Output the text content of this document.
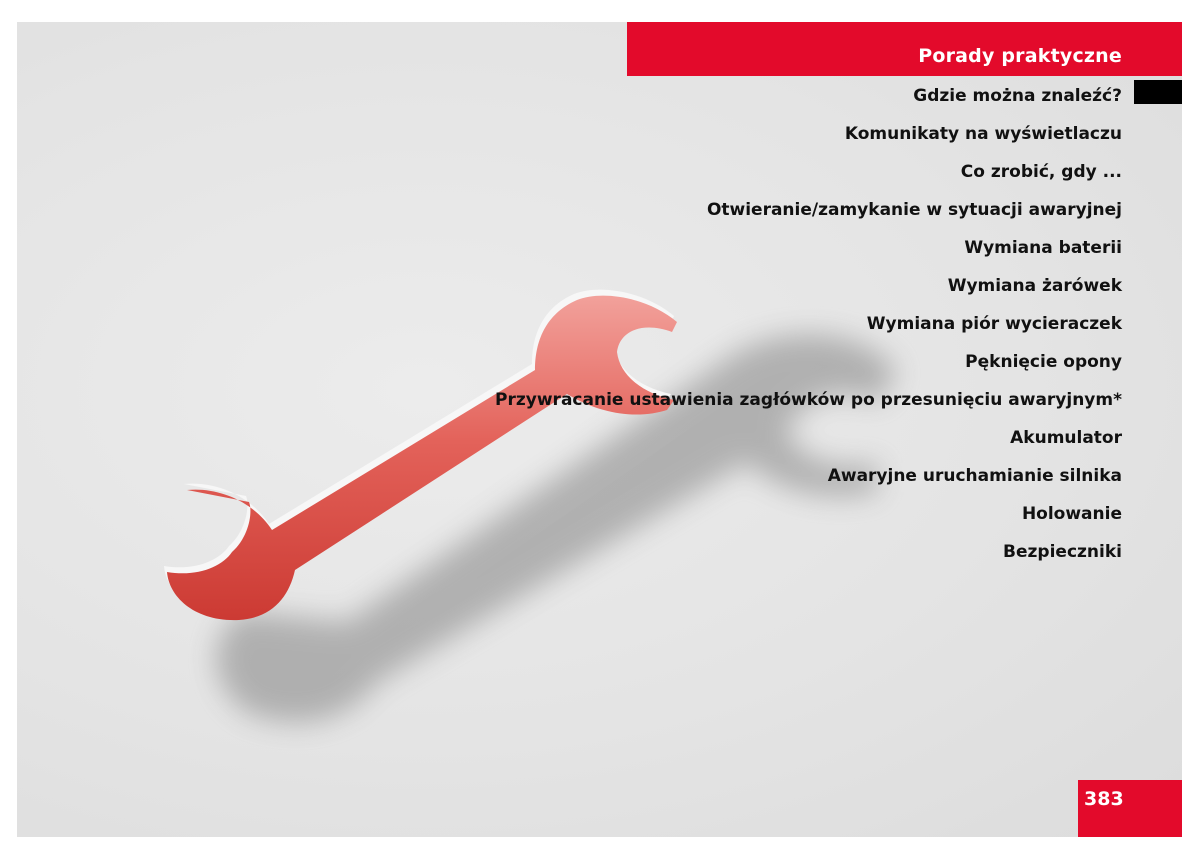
Porady praktyczne
Gdzie można znaleźć?
Komunikaty na wyświetlaczu
Co zrobić, gdy ...
Otwieranie/zamykanie w sytuacji awaryjnej
Wymiana baterii
Wymiana żarówek
Wymiana piór wycieraczek
Pęknięcie opony
Przywracanie ustawienia zagłówków po przesunięciu awaryjnym*
Akumulator
Awaryjne uruchamianie silnika
Holowanie
Bezpieczniki
383
